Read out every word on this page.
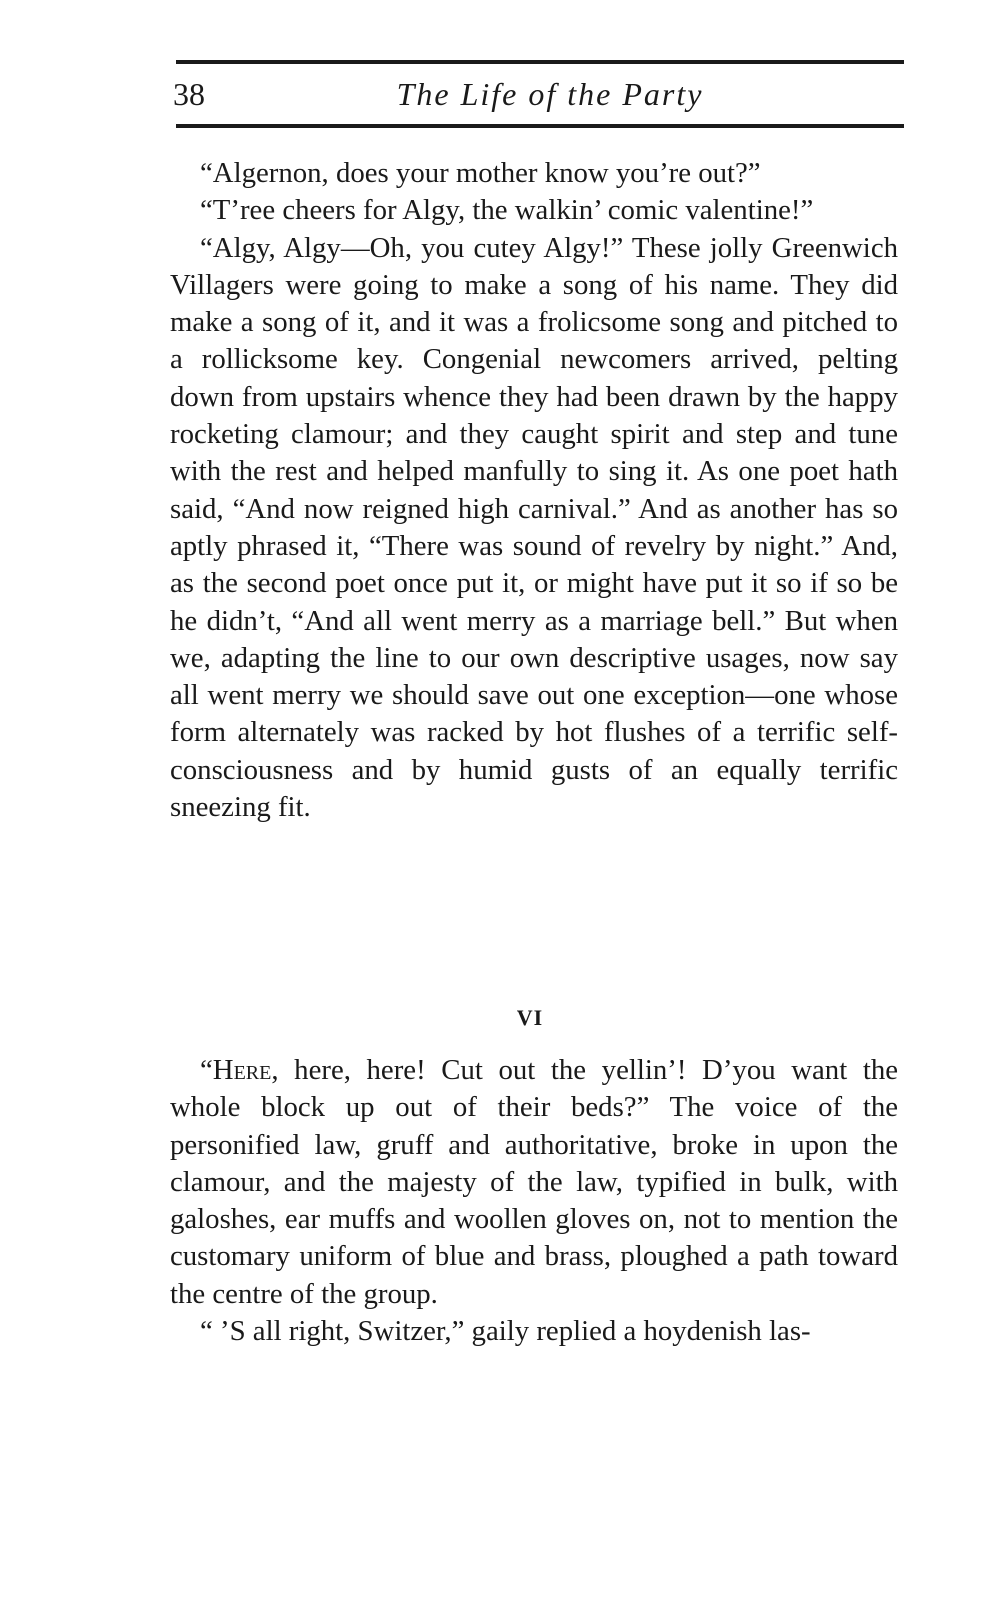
38	The Life of the Party

“Algernon, does your mother know you’re out?”

“T’ree cheers for Algy, the walkin’ comic valentine!”

“Algy, Algy—Oh, you cutey Algy!” These jolly Greenwich Villagers were going to make a song of his name. They did make a song of it, and it was a frolicsome song and pitched to a rollicksome key. Congenial newcomers arrived, pelting down from upstairs whence they had been drawn by the happy rocketing clamour; and they caught spirit and step and tune with the rest and helped manfully to sing it. As one poet hath said, “And now reigned high carnival.” And as another has so aptly phrased it, “There was sound of revelry by night.” And, as the second poet once put it, or might have put it so if so be he didn’t, “And all went merry as a marriage bell.” But when we, adapting the line to our own descriptive usages, now say all went merry we should save out one exception—one whose form alternately was racked by hot flushes of a terrific self-consciousness and by humid gusts of an equally terrific sneezing fit.

VI

“Here, here, here! Cut out the yellin’! D’you want the whole block up out of their beds?” The voice of the personified law, gruff and authoritative, broke in upon the clamour, and the majesty of the law, typified in bulk, with galoshes, ear muffs and woollen gloves on, not to mention the customary uniform of blue and brass, ploughed a path toward the centre of the group.

“ ’S all right, Switzer,” gaily replied a hoydenish las-
